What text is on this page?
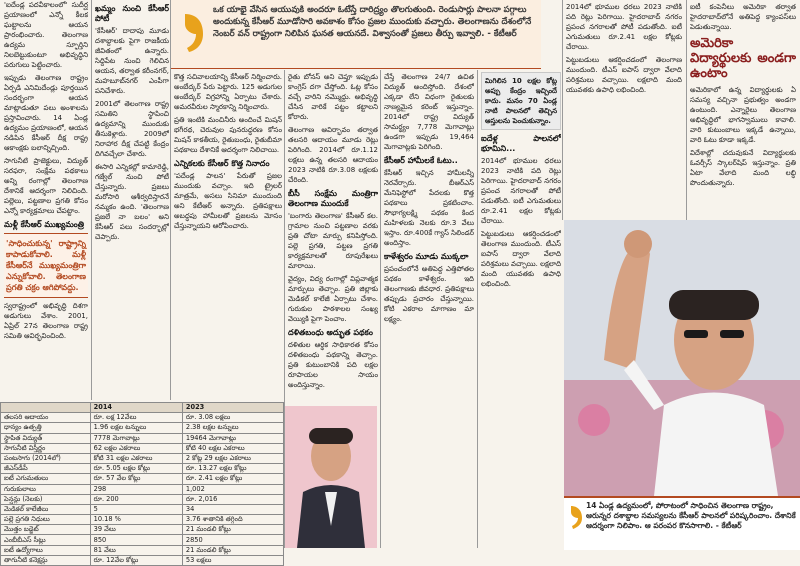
'ఐదేండ్ల పదవీకాలంలో' సుదీర్ఘ ప్రయాణంలో ఎన్నో కీలక ఘట్టాలను ఆయన ప్రారంభించారు. తెలంగాణ ఉద్యమ స్ఫూర్తిని నిలబెట్టుకుంటూ అభివృద్ధిని పరుగులు పెట్టించారు.

ఇప్పుడు తెలంగాణ రాష్ట్రం ఏర్పడి ఎనిమిదేండ్లు పూర్తయిన సందర్భంగా ఆయన మాట్లాడుతూ పలు అంశాలను ప్రస్తావించారు. 14 ఏండ్ల ఉద్యమం ప్రయాణంలో, ఆయన నడిపిన కేసీఆర్ దీక్ష రాష్ట్ర ఆకాంక్షకు బలాన్నిచ్చింది.

సాగునీటి ప్రాజెక్టులు, విద్యుత్ సరఫరా, సంక్షేమ పథకాలు అన్ని రంగాల్లో తెలంగాణ దేశానికే ఆదర్శంగా నిలిచింది. పల్లెలు, పట్టణాల ప్రగతి కోసం ఎన్నో కార్యక్రమాలు చేపట్టాం.

మళ్లీ కేసీఆర్ ముఖ్యమంత్రి
'సాధించుకున్న' రాష్ట్రాన్ని కాపాడుకోవాలి. మళ్లీ కేసీఆర్‌నే ముఖ్యమంత్రిగా ఎన్నుకోవాలి. తెలంగాణ ప్రగతి చక్రం ఆగిపోవద్దు.

స్వరాష్ట్రంలో అభివృద్ధి దిశగా అడుగులు వేశాం. 2001, ఏప్రిల్ 27న తెలంగాణ రాష్ట్ర సమితి ఆవిర్భవించింది.

ఖమ్మం నుంచి కేసీఆర్ పోటీ

'కేసీఆర్' దాదాపు మూడు దశాబ్దాలకు పైగా రాజకీయ జీవితంలో ఉన్నారు. సిద్దిపేట నుంచి గెలిచిన ఆయన, తర్వాత కరీంనగర్, మహబూబ్‌నగర్ ఎంపీగా పనిచేశారు.

2001లో తెలంగాణ రాష్ట్ర సమితిని స్థాపించి ఉద్యమాన్ని ముందుకు తీసుకెళ్లారు. 2009లో నిరాహార దీక్ష చేపట్టి కేంద్రం దిగివచ్చేలా చేశారు.

ఈసారి ఎన్నికల్లో కామారెడ్డి, గజ్వేల్ నుంచి పోటీ చేస్తున్నారు. ప్రజలు మరోసారి ఆశీర్వదిస్తారనే నమ్మకం ఉంది. 'తెలంగాణ ప్రజలే నా బలం' అని కేసీఆర్ పలు సందర్భాల్లో చెప్పారు.

ఒక యాభై వేసిన ఆయువుకి అందరూ ఓటేస్తే దారిద్ర్యం తొలగుతుంది. రెండుసార్లు పాలనా పగ్గాలు అందుకున్న కేసీఆర్ మూడోసారి అవకాశం కోసం ప్రజల ముందుకు వచ్చారు. తెలంగాణను దేశంలోనే నెంబర్ వన్ రాష్ట్రంగా నిలిపిన ఘనత ఆయనదే. విశ్వాసంతో ప్రజలు తీర్పు ఇవ్వాలి. - కేటీఆర్

కొత్త సచివాలయాన్ని కేసీఆర్ నిర్మించారు. అంబేద్కర్ పేరు పెట్టారు. 125 అడుగుల అంబేద్కర్ విగ్రహాన్ని ఏర్పాటు చేశారు. అమరవీరుల స్మారకాన్ని నిర్మించారు.

ప్రతి ఇంటికి మంచినీరు అందించే మిషన్ భగీరథ, చెరువుల పునరుద్ధరణ కోసం మిషన్ కాకతీయ, రైతుబంధు, రైతుబీమా పథకాలు దేశానికే ఆదర్శంగా నిలిచాయి.

ఎన్నికలకు కేసీఆర్ కొత్త నినాదం

'పదేండ్ల పాలన' పేరుతో ప్రజల ముందుకు వచ్చాం. ఇది ట్రైలర్ మాత్రమే, అసలు సినిమా ముందుంది అని కేటీఆర్ అన్నారు. ప్రతిపక్షాలు అబద్ధపు హామీలతో ప్రజలను మోసం చేస్తున్నాయని ఆరోపించారు.

రైతు బోనస్ అని చెప్తూ ఇప్పుడు కాంగ్రెస్ దగా చేస్తోంది. ఓట్ల కోసం వచ్చే వారిని నమ్మొద్దు. అభివృద్ధి చేసిన వారికే పట్టం కట్టాలని కోరారు.

తెలంగాణ ఆవిర్భావం తర్వాత తలసరి ఆదాయం మూడు రెట్లు పెరిగింది. 2014లో రూ.1.12 లక్షలు ఉన్న తలసరి ఆదాయం 2023 నాటికి రూ.3.08 లక్షలకు చేరింది.

బీసీ సంక్షేమ మంత్రిగా తెలంగాణ ముందుకే

'బంగారు తెలంగాణ' కేసీఆర్ కల. గ్రామాల నుంచి పట్టణాల వరకు ప్రతి చోటా మార్పు కనిపిస్తోంది. పల్లె ప్రగతి, పట్టణ ప్రగతి కార్యక్రమాలతో రూపురేఖలు మారాయి.

వైద్యం, విద్య రంగాల్లో విప్లవాత్మక మార్పులు తెచ్చాం. ప్రతి జిల్లాకు మెడికల్ కాలేజీ ఏర్పాటు చేశాం. గురుకుల పాఠశాలల సంఖ్య వెయ్యికి పైగా పెంచాం.

దళితబంధు అద్భుత పథకం

దళితుల ఆర్థిక సాధికారత కోసం దళితబంధు పథకాన్ని తెచ్చాం. ప్రతి కుటుంబానికి పది లక్షల రూపాయల సాయం అందిస్తున్నాం.

చేస్తే తెలంగాణ 24/7 ఉచిత విద్యుత్ అందిస్తోంది. దేశంలో ఎక్కడా లేని విధంగా రైతులకు నాణ్యమైన కరెంట్ ఇస్తున్నాం. 2014లో రాష్ట్ర విద్యుత్ సామర్థ్యం 7,778 మెగావాట్లు ఉండగా ఇప్పుడు 19,464 మెగావాట్లకు పెరిగింది.

కేసీఆర్ హామీలకే ఓటు..

కేసీఆర్ ఇచ్చిన హామీలన్నీ నెరవేర్చారు. బీఆర్ఎస్ మేనిఫెస్టోలో పేదలకు కొత్త పథకాలు ప్రకటించాం. సౌభాగ్యలక్ష్మి పథకం కింద మహిళలకు నెలకు రూ.3 వేలు ఇస్తాం. రూ.400కే గ్యాస్ సిలిండర్ అందిస్తాం.

కాళేశ్వరం మూడు ముక్కలా

ప్రపంచంలోనే అతిపెద్ద ఎత్తిపోతల పథకం కాళేశ్వరం. ఇది తెలంగాణకు జీవధార. ప్రతిపక్షాలు తప్పుడు ప్రచారం చేస్తున్నాయి. కోటి ఎకరాల మాగాణం మా లక్ష్యం.

మిగిలిన 10 లక్షల కోట్ల అప్పు కేంద్రం ఇచ్చిందే కాదు. మనం 70 ఏండ్ల నాటి పాలనలో తెచ్చిన ఆస్తులను పెంచుకున్నాం.
ఐదేళ్ల పాలనలో భూమిని...

2014లో భూముల ధరలు 2023 నాటికి పది రెట్లు పెరిగాయి. హైదరాబాద్ నగరం ప్రపంచ నగరాలతో పోటీ పడుతోంది. ఐటీ ఎగుమతులు రూ.2.41 లక్షల కోట్లకు చేరాయి.

పెట్టుబడులు ఆకర్షించడంలో తెలంగాణ ముందుంది. టీఎస్ ఐపాస్ ద్వారా వేలాది పరిశ్రమలు వచ్చాయి. లక్షలాది మంది యువతకు ఉపాధి లభించింది.

ఐటీ కంపెనీలు అమెరికా తర్వాత హైదరాబాద్‌లోనే అతిపెద్ద క్యాంపస్‌లు పెడుతున్నాయి.

అమెరికా విద్యార్థులకు అండగా ఉంటాం

అమెరికాలో ఉన్న విద్యార్థులకు ఏ సమస్య వచ్చినా ప్రభుత్వం అండగా ఉంటుంది. ఎన్నారైలు తెలంగాణ అభివృద్ధిలో భాగస్వాములు కావాలి. వారి కుటుంబాలు ఇక్కడే ఉన్నాయి, వారి ఓటు కూడా ఇక్కడే.

విదేశాల్లో చదువుకునే విద్యార్థులకు ఓవర్సీస్ స్కాలర్‌షిప్ ఇస్తున్నాం. ప్రతి ఏటా వేలాది మంది లబ్ధి పొందుతున్నారు.

2014లో భూముల ధరలు 2023 నాటికి పది రెట్లు పెరిగాయి. హైదరాబాద్ నగరం ప్రపంచ నగరాలతో పోటీ పడుతోంది. ఐటీ ఎగుమతులు రూ.2.41 లక్షల కోట్లకు చేరాయి.

పెట్టుబడులు ఆకర్షించడంలో తెలంగాణ ముందుంది. టీఎస్ ఐపాస్ ద్వారా వేలాది పరిశ్రమలు వచ్చాయి. లక్షలాది మంది యువతకు ఉపాధి లభించింది.

14 ఏండ్ల ఉద్యమంలో, పోరాటంలో సాధించిన తెలంగాణ రాష్ట్రం, ఆరున్నర దశాబ్దాల సమస్యలను కేసీఆర్ పాలనలో పరిష్కరించాం. దేశానికే ఆదర్శంగా నిలిపాం. ఆ పరంపర కొనసాగాలి. - కేటీఆర్
	2014	2023
తలసరి ఆదాయం	రూ. లక్ష 12వేలు	రూ. 3.08 లక్షలు
ధాన్యం ఉత్పత్తి	1.96 లక్షల టన్నులు	2.38 లక్షల టన్నులు
స్థాపిత విద్యుత్	7778 మెగావాట్లు	19464 మెగావాట్లు
సాగునీటి విస్తీర్ణం	62 లక్షల ఎకరాలు	కోటి 40 లక్షల ఎకరాలు
పంటసాగు (2014లో)	కోటి 31 లక్షల ఎకరాలు	2 కోట్ల 29 లక్షల ఎకరాలు
జీఎస్‌డీపీ	రూ. 5.05 లక్షల కోట్లు	రూ. 13.27 లక్షల కోట్లు
ఐటీ ఎగుమతులు	రూ. 57 వేల కోట్లు	రూ. 2.41 లక్షల కోట్లు
గురుకులాలు	298	1,002
పెన్షన్లు (నెలకు)	రూ. 200	రూ. 2,016
మెడికల్ కాలేజీలు	5	34
పల్లె ప్రగతి నిధులు	10.18 %	3.76 శాతానికి తగ్గింది
మొత్తం బడ్జెట్	39 వేలు	21 మండలి కోట్లు
ఎంబీబీఎస్ సీట్లు	850	2850
ఐటీ ఉద్యోగాలు	81 వేలు	21 మండలి కోట్లు
తాగునీటి కనెక్షన్లు	రూ. 12వేల కోట్లు	53 లక్షలు
